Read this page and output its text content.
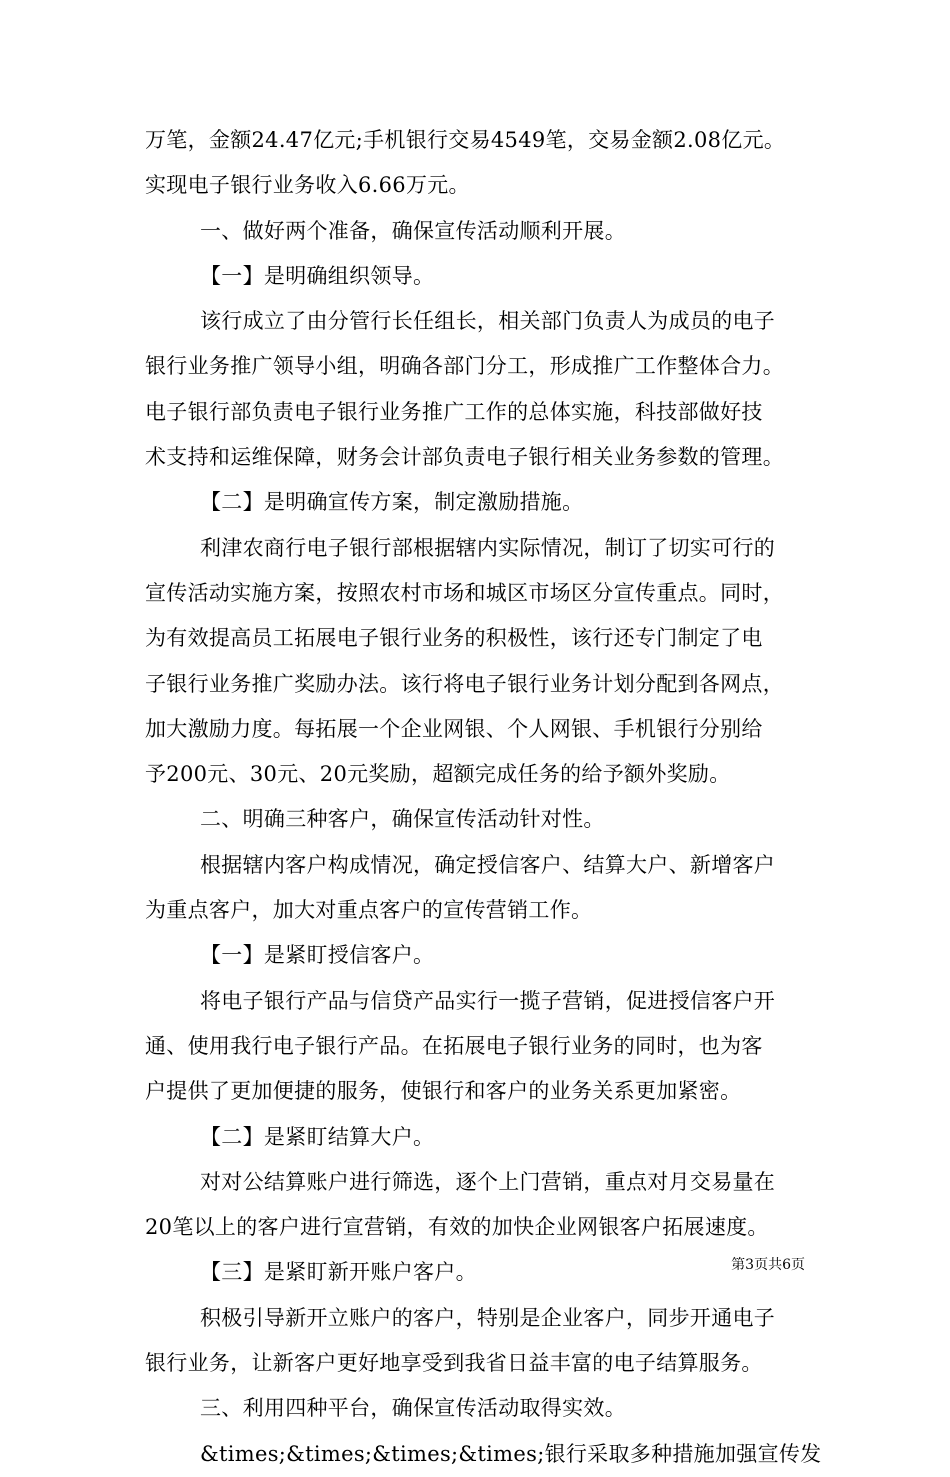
万笔，金额24.47亿元;手机银行交易4549笔，交易金额2.08亿元。
实现电子银行业务收入6.66万元。
一、做好两个准备，确保宣传活动顺利开展。
【一】是明确组织领导。
该行成立了由分管行长任组长，相关部门负责人为成员的电子
银行业务推广领导小组，明确各部门分工，形成推广工作整体合力。
电子银行部负责电子银行业务推广工作的总体实施，科技部做好技
术支持和运维保障，财务会计部负责电子银行相关业务参数的管理。
【二】是明确宣传方案，制定激励措施。
利津农商行电子银行部根据辖内实际情况，制订了切实可行的
宣传活动实施方案，按照农村市场和城区市场区分宣传重点。同时，
为有效提高员工拓展电子银行业务的积极性，该行还专门制定了电
子银行业务推广奖励办法。该行将电子银行业务计划分配到各网点，
加大激励力度。每拓展一个企业网银、个人网银、手机银行分别给
予200元、30元、20元奖励，超额完成任务的给予额外奖励。
二、明确三种客户，确保宣传活动针对性。
根据辖内客户构成情况，确定授信客户、结算大户、新增客户
为重点客户，加大对重点客户的宣传营销工作。
【一】是紧盯授信客户。
将电子银行产品与信贷产品实行一揽子营销，促进授信客户开
通、使用我行电子银行产品。在拓展电子银行业务的同时，也为客
户提供了更加便捷的服务，使银行和客户的业务关系更加紧密。
【二】是紧盯结算大户。
对对公结算账户进行筛选，逐个上门营销，重点对月交易量在
20笔以上的客户进行宣营销，有效的加快企业网银客户拓展速度。
【三】是紧盯新开账户客户。
积极引导新开立账户的客户，特别是企业客户，同步开通电子
银行业务，让新客户更好地享受到我省日益丰富的电子结算服务。
三、利用四种平台，确保宣传活动取得实效。
&times;&times;&times;&times;银行采取多种措施加强宣传发
第3页共6页
